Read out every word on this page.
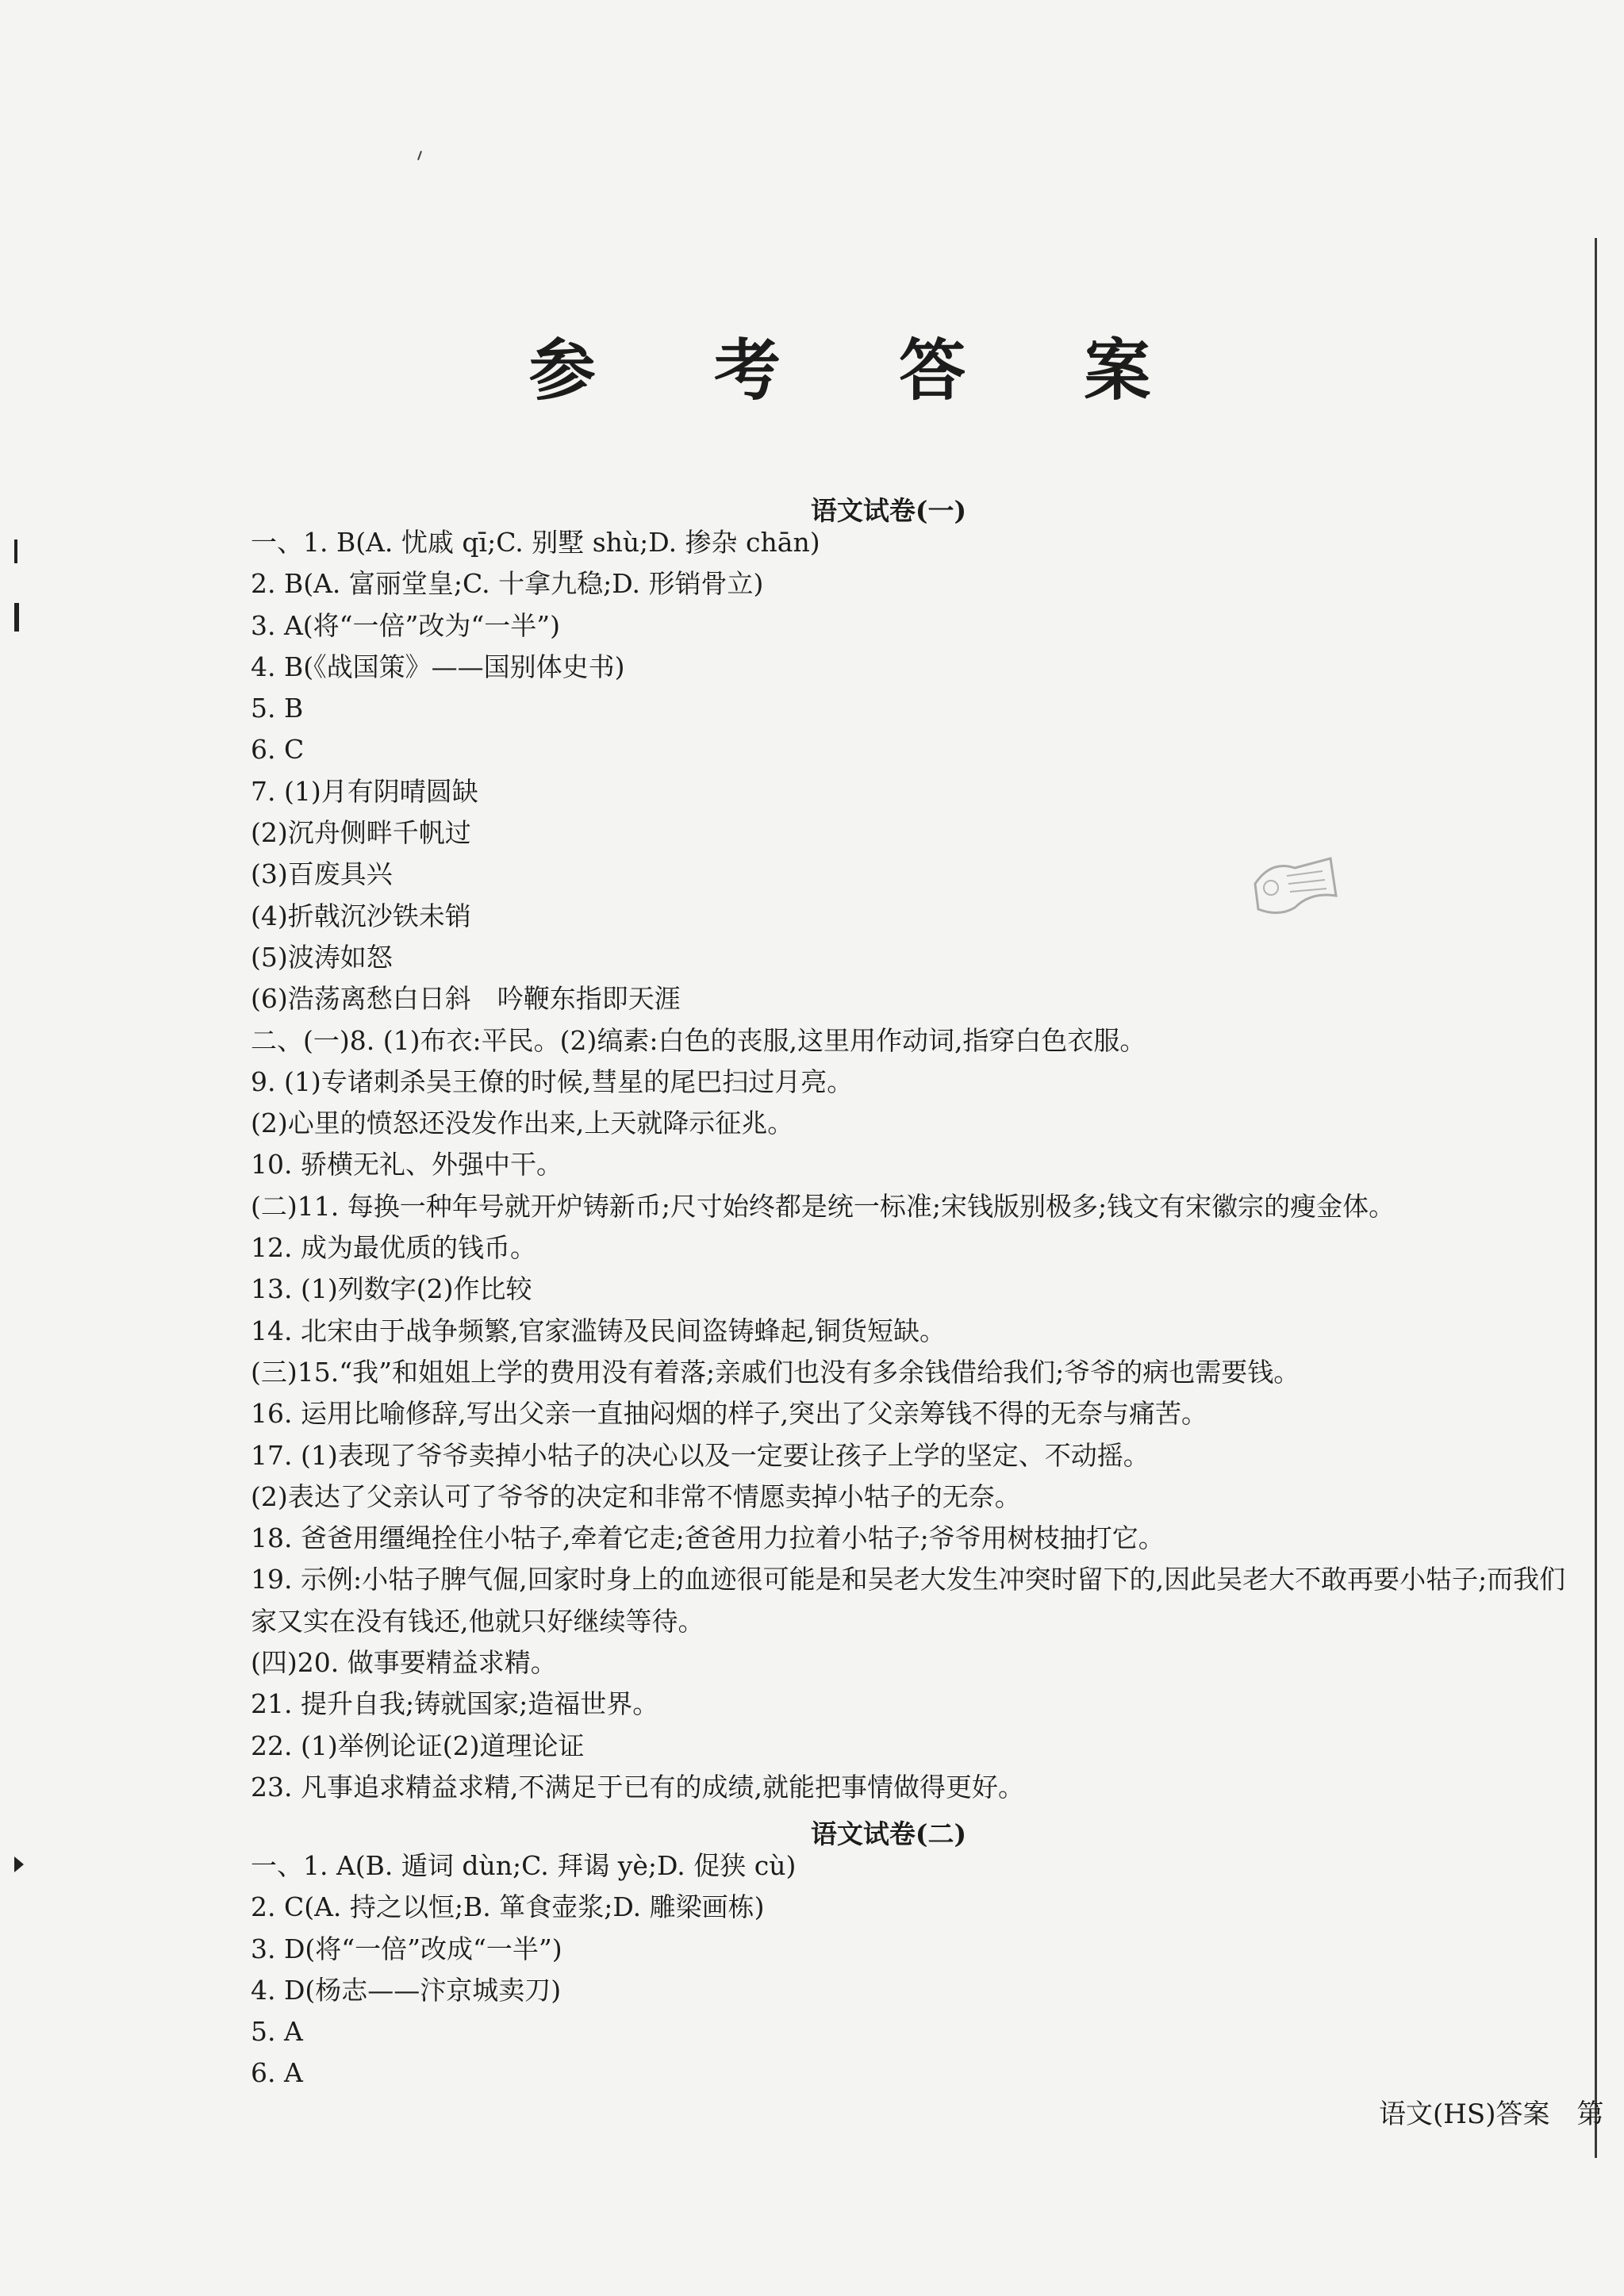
参 考 答 案
语文试卷(一)
一、1. B(A. 忧戚 qī;C. 别墅 shù;D. 掺杂 chān)
2. B(A. 富丽堂皇;C. 十拿九稳;D. 形销骨立)
3. A(将“一倍”改为“一半”)
4. B(《战国策》——国别体史书)
5. B
6. C
7. (1)月有阴晴圆缺
(2)沉舟侧畔千帆过
(3)百废具兴
(4)折戟沉沙铁未销
(5)波涛如怒
(6)浩荡离愁白日斜　吟鞭东指即天涯
二、(一)8. (1)布衣:平民。(2)缟素:白色的丧服,这里用作动词,指穿白色衣服。
9. (1)专诸刺杀吴王僚的时候,彗星的尾巴扫过月亮。
(2)心里的愤怒还没发作出来,上天就降示征兆。
10. 骄横无礼、外强中干。
(二)11. 每换一种年号就开炉铸新币;尺寸始终都是统一标准;宋钱版别极多;钱文有宋徽宗的瘦金体。
12. 成为最优质的钱币。
13. (1)列数字(2)作比较
14. 北宋由于战争频繁,官家滥铸及民间盗铸蜂起,铜货短缺。
(三)15.“我”和姐姐上学的费用没有着落;亲戚们也没有多余钱借给我们;爷爷的病也需要钱。
16. 运用比喻修辞,写出父亲一直抽闷烟的样子,突出了父亲筹钱不得的无奈与痛苦。
17. (1)表现了爷爷卖掉小牯子的决心以及一定要让孩子上学的坚定、不动摇。
(2)表达了父亲认可了爷爷的决定和非常不情愿卖掉小牯子的无奈。
18. 爸爸用缰绳拴住小牯子,牵着它走;爸爸用力拉着小牯子;爷爷用树枝抽打它。
19. 示例:小牯子脾气倔,回家时身上的血迹很可能是和吴老大发生冲突时留下的,因此吴老大不敢再要小牯子;而我们家又实在没有钱还,他就只好继续等待。
(四)20. 做事要精益求精。
21. 提升自我;铸就国家;造福世界。
22. (1)举例论证(2)道理论证
23. 凡事追求精益求精,不满足于已有的成绩,就能把事情做得更好。
语文试卷(二)
一、1. A(B. 遁词 dùn;C. 拜谒 yè;D. 促狭 cù)
2. C(A. 持之以恒;B. 箪食壶浆;D. 雕梁画栋)
3. D(将“一倍”改成“一半”)
4. D(杨志——汴京城卖刀)
5. A
6. A
语文(HS)答案　第
